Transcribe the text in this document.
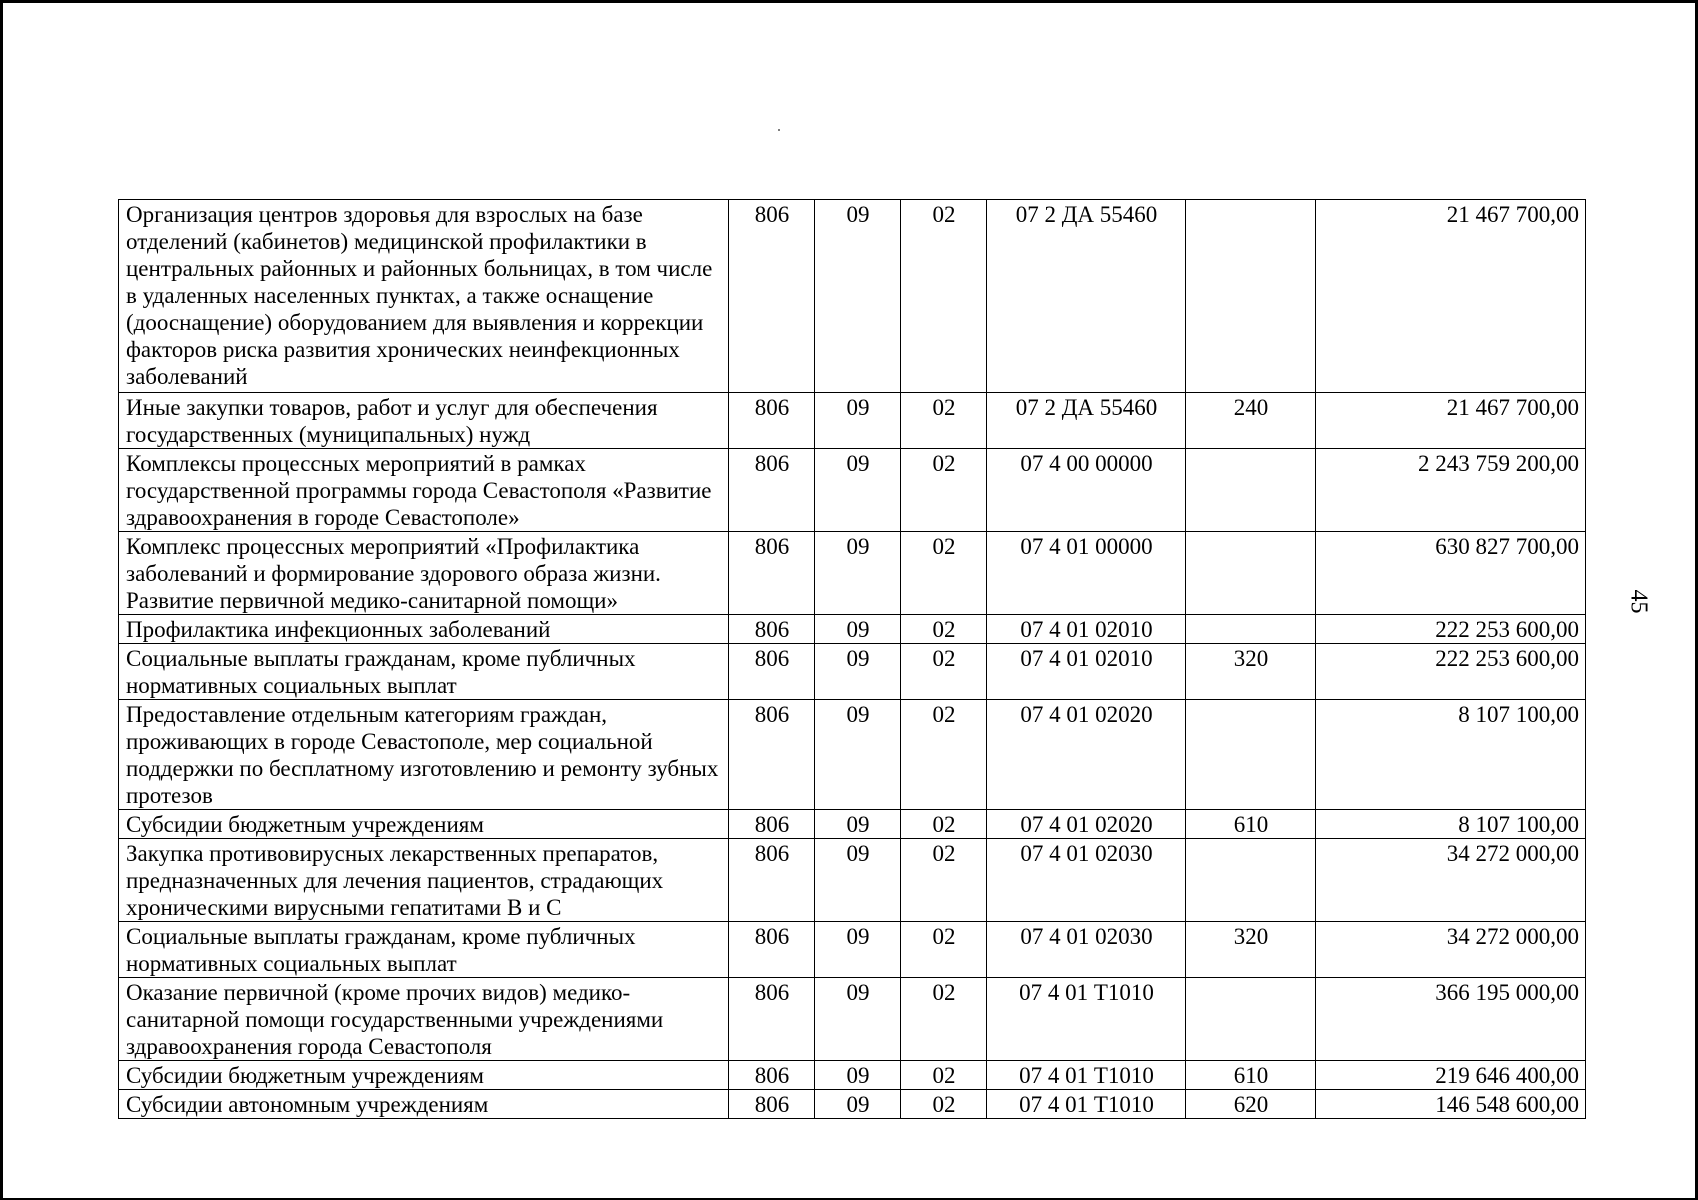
Организация центров здоровья для взрослых на базе отделений (кабинетов) медицинской профилактики в центральных районных и районных больницах, в том числе в удаленных населенных пунктах, а также оснащение (дооснащение) оборудованием для выявления и коррекции факторов риска развития хронических неинфекционных заболеваний	806	09	02	07 2 ДА 55460		21 467 700,00
Иные закупки товаров, работ и услуг для обеспечения государственных (муниципальных) нужд	806	09	02	07 2 ДА 55460	240	21 467 700,00
Комплексы процессных мероприятий в рамках государственной программы города Севастополя «Развитие здравоохранения в городе Севастополе»	806	09	02	07 4 00 00000		2 243 759 200,00
Комплекс процессных мероприятий «Профилактика заболеваний и формирование здорового образа жизни. Развитие первичной медико-санитарной помощи»	806	09	02	07 4 01 00000		630 827 700,00
Профилактика инфекционных заболеваний	806	09	02	07 4 01 02010		222 253 600,00
Социальные выплаты гражданам, кроме публичных нормативных социальных выплат	806	09	02	07 4 01 02010	320	222 253 600,00
Предоставление отдельным категориям граждан, проживающих в городе Севастополе, мер социальной поддержки по бесплатному изготовлению и ремонту зубных протезов	806	09	02	07 4 01 02020		8 107 100,00
Субсидии бюджетным учреждениям	806	09	02	07 4 01 02020	610	8 107 100,00
Закупка противовирусных лекарственных препаратов, предназначенных для лечения пациентов, страдающих хроническими вирусными гепатитами В и С	806	09	02	07 4 01 02030		34 272 000,00
Социальные выплаты гражданам, кроме публичных нормативных социальных выплат	806	09	02	07 4 01 02030	320	34 272 000,00
Оказание первичной (кроме прочих видов) медико-санитарной помощи государственными учреждениями здравоохранения города Севастополя	806	09	02	07 4 01 Т1010		366 195 000,00
Субсидии бюджетным учреждениям	806	09	02	07 4 01 Т1010	610	219 646 400,00
Субсидии автономным учреждениям	806	09	02	07 4 01 Т1010	620	146 548 600,00
45
